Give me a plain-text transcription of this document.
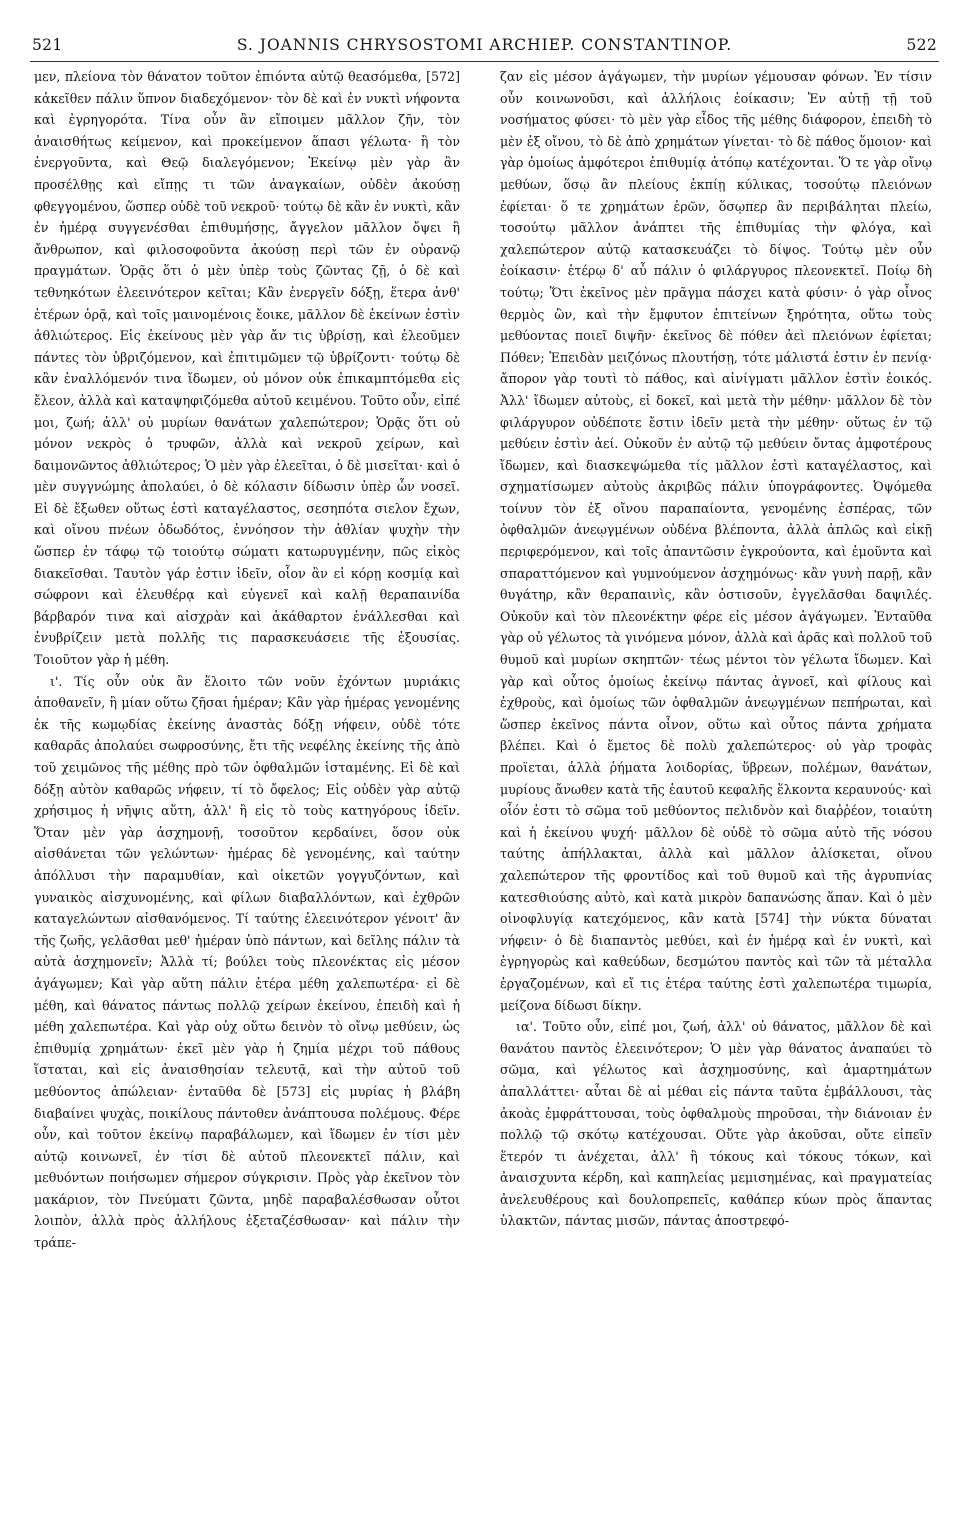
521	S. JOANNIS CHRYSOSTOMI ARCHIEP. CONSTANTINOP.	522

μεν, πλείονα τὸν θάνατον τοῦτον ἐπιόντα αὐτῷ θεασόμεθα, [572] κἀκεῖθεν πάλιν ὕπνον διαδεχόμενον· τὸν δὲ καὶ ἐν νυκτὶ νήφοντα καὶ ἐγρηγορότα. Τίνα οὖν ἂν εἴποιμεν μᾶλλον ζῆν, τὸν ἀναισθήτως κείμενον, καὶ προκείμενον ἅπασι γέλωτα· ἢ τὸν ἐνεργοῦντα, καὶ Θεῷ διαλεγόμενον; Ἐκείνῳ μὲν γὰρ ἂν προσέλθῃς καὶ εἴπῃς τι τῶν ἀναγκαίων, οὐδὲν ἀκούσῃ φθεγγομένου, ὥσπερ οὐδὲ τοῦ νεκροῦ· τούτῳ δὲ κἂν ἐν νυκτὶ, κἂν ἐν ἡμέρᾳ συγγενέσθαι ἐπιθυμήσῃς, ἄγγελον μᾶλλον ὄψει ἢ ἄνθρωπον, καὶ φιλοσοφοῦντα ἀκούσῃ περὶ τῶν ἐν οὐρανῷ πραγμάτων. Ὁρᾷς ὅτι ὁ μὲν ὑπὲρ τοὺς ζῶντας ζῇ, ὁ δὲ καὶ τεθνηκότων ἐλεεινότερον κεῖται; Κἂν ἐνεργεῖν δόξῃ, ἕτερα ἀνθ' ἑτέρων ὁρᾷ, καὶ τοῖς μαινομένοις ἔοικε, μᾶλλον δὲ ἐκείνων ἐστὶν ἀθλιώτερος. Εἰς ἐκείνους μὲν γὰρ ἄν τις ὑβρίσῃ, καὶ ἐλεοῦμεν πάντες τὸν ὑβριζόμενον, καὶ ἐπιτιμῶμεν τῷ ὑβρίζοντι· τούτῳ δὲ κἂν ἐναλλόμενόν τινα ἴδωμεν, οὐ μόνον οὐκ ἐπικαμπτόμεθα εἰς ἔλεον, ἀλλὰ καὶ καταψηφιζόμεθα αὐτοῦ κειμένου. Τοῦτο οὖν, εἰπέ μοι, ζωή; ἀλλ' οὐ μυρίων θανάτων χαλεπώτερον; Ὁρᾷς ὅτι οὐ μόνον νεκρὸς ὁ τρυφῶν, ἀλλὰ καὶ νεκροῦ χείρων, καὶ δαιμονῶντος ἀθλιώτερος; Ὁ μὲν γὰρ ἐλεεῖται, ὁ δὲ μισεῖται· καὶ ὁ μὲν συγγνώμης ἀπολαύει, ὁ δὲ κόλασιν δίδωσιν ὑπὲρ ὧν νοσεῖ. Εἰ δὲ ἔξωθεν οὕτως ἐστὶ καταγέλαστος, σεσηπότα σιελον ἔχων, καὶ οἴνου πνέων ὀδωδότος, ἐννόησον τὴν ἀθλίαν ψυχὴν τὴν ὥσπερ ἐν τάφῳ τῷ τοιούτῳ σώματι κατωρυγμένην, πῶς εἰκὸς διακεῖσθαι. Ταυτὸν γάρ ἐστιν ἰδεῖν, οἷον ἂν εἰ κόρῃ κοσμίᾳ καὶ σώφρονι καὶ ἐλευθέρᾳ καὶ εὐγενεῖ καὶ καλῇ θεραπαινίδα βάρβαρόν τινα καὶ αἰσχρὰν καὶ ἀκάθαρτον ἐνάλλεσθαι καὶ ἐνυβρίζειν μετὰ πολλῆς τις παρασκευάσειε τῆς ἐξουσίας. Τοιοῦτον γὰρ ἡ μέθη.

ι'. Τίς οὖν οὐκ ἂν ἕλοιτο τῶν νοῦν ἐχόντων μυριάκις ἀποθανεῖν, ἢ μίαν οὕτω ζῆσαι ἡμέραν; Κἂν γὰρ ἡμέρας γενομένης ἐκ τῆς κωμῳδίας ἐκείνης ἀναστὰς δόξῃ νήφειν, οὐδὲ τότε καθαρᾶς ἀπολαύει σωφροσύνης, ἔτι τῆς νεφέλης ἐκείνης τῆς ἀπὸ τοῦ χειμῶνος τῆς μέθης πρὸ τῶν ὀφθαλμῶν ἱσταμένης. Εἰ δὲ καὶ δόξῃ αὐτὸν καθαρῶς νήφειν, τί τὸ ὄφελος; Εἰς οὐδὲν γὰρ αὐτῷ χρήσιμος ἡ νῆψις αὕτη, ἀλλ' ἢ εἰς τὸ τοὺς κατηγόρους ἰδεῖν. Ὅταν μὲν γὰρ ἀσχημονῇ, τοσοῦτον κερδαίνει, ὅσον οὐκ αἰσθάνεται τῶν γελώντων· ἡμέρας δὲ γενομένης, καὶ ταύτην ἀπόλλυσι τὴν παραμυθίαν, καὶ οἰκετῶν γογγυζόντων, καὶ γυναικὸς αἰσχυνομένης, καὶ φίλων διαβαλλόντων, καὶ ἐχθρῶν καταγελώντων αἰσθανόμενος. Τί ταύτης ἐλεεινότερον γένοιτ' ἂν τῆς ζωῆς, γελᾶσθαι μεθ' ἡμέραν ὑπὸ πάντων, καὶ δεῖλης πάλιν τὰ αὐτὰ ἀσχημονεῖν; Ἀλλὰ τί; βούλει τοὺς πλεονέκτας εἰς μέσον ἀγάγωμεν; Καὶ γὰρ αὕτη πάλιν ἑτέρα μέθη χαλεπωτέρα· εἰ δὲ μέθη, καὶ θάνατος πάντως πολλῷ χείρων ἐκείνου, ἐπειδὴ καὶ ἡ μέθη χαλεπωτέρα. Καὶ γὰρ οὐχ οὕτω δεινὸν τὸ οἴνῳ μεθύειν, ὡς ἐπιθυμίᾳ χρημάτων· ἐκεῖ μὲν γὰρ ἡ ζημία μέχρι τοῦ πάθους ἵσταται, καὶ εἰς ἀναισθησίαν τελευτᾷ, καὶ τὴν αὐτοῦ τοῦ μεθύοντος ἀπώλειαν· ἐνταῦθα δὲ [573] εἰς μυρίας ἡ βλάβη διαβαίνει ψυχὰς, ποικίλους πάντοθεν ἀνάπτουσα πολέμους. Φέρε οὖν, καὶ τοῦτον ἐκείνῳ παραβάλωμεν, καὶ ἴδωμεν ἐν τίσι μὲν αὐτῷ κοινωνεῖ, ἐν τίσι δὲ αὐτοῦ πλεονεκτεῖ πάλιν, καὶ μεθυόντων ποιήσωμεν σήμερον σύγκρισιν. Πρὸς γὰρ ἐκεῖνον τὸν μακάριον, τὸν Πνεύματι ζῶντα, μηδὲ παραβαλέσθωσαν οὗτοι λοιπὸν, ἀλλὰ πρὸς ἀλλήλους ἐξεταζέσθωσαν· καὶ πάλιν τὴν τράπε-

ζαν εἰς μέσον ἀγάγωμεν, τὴν μυρίων γέμουσαν φόνων. Ἐν τίσιν οὖν κοινωνοῦσι, καὶ ἀλλήλοις ἐοίκασιν; Ἐν αὐτῇ τῇ τοῦ νοσήματος φύσει· τὸ μὲν γὰρ εἶδος τῆς μέθης διάφορον, ἐπειδὴ τὸ μὲν ἐξ οἴνου, τὸ δὲ ἀπὸ χρημάτων γίνεται· τὸ δὲ πάθος ὅμοιον· καὶ γὰρ ὁμοίως ἀμφότεροι ἐπιθυμίᾳ ἀτόπῳ κατέχονται. Ὅ τε γὰρ οἴνῳ μεθύων, ὅσῳ ἂν πλείους ἐκπίῃ κύλικας, τοσούτῳ πλειόνων ἐφίεται· ὅ τε χρημάτων ἐρῶν, ὅσῳπερ ἂν περιβάληται πλείω, τοσούτῳ μᾶλλον ἀνάπτει τῆς ἐπιθυμίας τὴν φλόγα, καὶ χαλεπώτερον αὐτῷ κατασκευάζει τὸ δίψος. Τούτῳ μὲν οὖν ἐοίκασιν· ἑτέρῳ δ' αὖ πάλιν ὁ φιλάργυρος πλεονεκτεῖ. Ποίῳ δὴ τούτῳ; Ὅτι ἐκεῖνος μὲν πρᾶγμα πάσχει κατὰ φύσιν· ὁ γὰρ οἶνος θερμὸς ὢν, καὶ τὴν ἔμφυτον ἐπιτείνων ξηρότητα, οὕτω τοὺς μεθύοντας ποιεῖ διψῆν· ἐκεῖνος δὲ πόθεν ἀεὶ πλειόνων ἐφίεται; Πόθεν; Ἐπειδὰν μειζόνως πλουτήσῃ, τότε μάλιστά ἐστιν ἐν πενίᾳ· ἄπορον γὰρ τουτὶ τὸ πάθος, καὶ αἰνίγματι μᾶλλον ἐστὶν ἐοικός. Ἀλλ' ἴδωμεν αὐτοὺς, εἰ δοκεῖ, καὶ μετὰ τὴν μέθην· μᾶλλον δὲ τὸν φιλάργυρον οὐδέποτε ἔστιν ἰδεῖν μετὰ τὴν μέθην· οὕτως ἐν τῷ μεθύειν ἐστὶν ἀεί. Οὐκοῦν ἐν αὐτῷ τῷ μεθύειν ὄντας ἀμφοτέρους ἴδωμεν, καὶ διασκεψώμεθα τίς μᾶλλον ἐστὶ καταγέλαστος, καὶ σχηματίσωμεν αὐτοὺς ἀκριβῶς πάλιν ὑπογράφοντες. Ὀψόμεθα τοίνυν τὸν ἐξ οἴνου παραπαίοντα, γενομένης ἑσπέρας, τῶν ὀφθαλμῶν ἀνεῳγμένων οὐδένα βλέποντα, ἀλλὰ ἁπλῶς καὶ εἰκῇ περιφερόμενον, καὶ τοῖς ἀπαντῶσιν ἐγκρούοντα, καὶ ἐμοῦντα καὶ σπαραττόμενον καὶ γυμνούμενον ἀσχημόνως· κἂν γυνὴ παρῇ, κἂν θυγάτηρ, κἂν θεραπαινὶς, κἂν ὁστισοῦν, ἐγγελᾶσθαι δαψιλές. Οὐκοῦν καὶ τὸν πλεονέκτην φέρε εἰς μέσον ἀγάγωμεν. Ἐνταῦθα γὰρ οὐ γέλωτος τὰ γινόμενα μόνον, ἀλλὰ καὶ ἀρᾶς καὶ πολλοῦ τοῦ θυμοῦ καὶ μυρίων σκηπτῶν· τέως μέντοι τὸν γέλωτα ἴδωμεν. Καὶ γὰρ καὶ οὗτος ὁμοίως ἐκείνῳ πάντας ἀγνοεῖ, καὶ φίλους καὶ ἐχθροὺς, καὶ ὁμοίως τῶν ὀφθαλμῶν ἀνεῳγμένων πεπήρωται, καὶ ὥσπερ ἐκεῖνος πάντα οἶνον, οὕτω καὶ οὗτος πάντα χρήματα βλέπει. Καὶ ὁ ἔμετος δὲ πολὺ χαλεπώτερος· οὐ γὰρ τροφὰς προϊεται, ἀλλὰ ῥήματα λοιδορίας, ὕβρεων, πολέμων, θανάτων, μυρίους ἄνωθεν κατὰ τῆς ἑαυτοῦ κεφαλῆς ἕλκοντα κεραυνούς· καὶ οἷόν ἐστι τὸ σῶμα τοῦ μεθύοντος πελιδνὸν καὶ διαῤῥέον, τοιαύτη καὶ ἡ ἐκείνου ψυχή· μᾶλλον δὲ οὐδὲ τὸ σῶμα αὐτὸ τῆς νόσου ταύτης ἀπήλλακται, ἀλλὰ καὶ μᾶλλον ἁλίσκεται, οἴνου χαλεπώτερον τῆς φροντίδος καὶ τοῦ θυμοῦ καὶ τῆς ἀγρυπνίας κατεσθιούσης αὐτὸ, καὶ κατὰ μικρὸν δαπανώσης ἅπαν. Καὶ ὁ μὲν οἰνοφλυγίᾳ κατεχόμενος, κἂν κατὰ [574] τὴν νύκτα δύναται νήφειν· ὁ δὲ διαπαντὸς μεθύει, καὶ ἐν ἡμέρᾳ καὶ ἐν νυκτὶ, καὶ ἐγρηγορὼς καὶ καθεύδων, δεσμώτου παντὸς καὶ τῶν τὰ μέταλλα ἐργαζομένων, καὶ εἴ τις ἑτέρα ταύτης ἐστὶ χαλεπωτέρα τιμωρία, μείζονα δίδωσι δίκην.

ια'. Τοῦτο οὖν, εἰπέ μοι, ζωή, ἀλλ' οὐ θάνατος, μᾶλλον δὲ καὶ θανάτου παντὸς ἐλεεινότερον; Ὁ μὲν γὰρ θάνατος ἀναπαύει τὸ σῶμα, καὶ γέλωτος καὶ ἀσχημοσύνης, καὶ ἁμαρτημάτων ἀπαλλάττει· αὗται δὲ αἱ μέθαι εἰς πάντα ταῦτα ἐμβάλλουσι, τὰς ἀκοὰς ἐμφράττουσαι, τοὺς ὀφθαλμοὺς πηροῦσαι, τὴν διάνοιαν ἐν πολλῷ τῷ σκότῳ κατέχουσαι. Οὔτε γὰρ ἀκοῦσαι, οὔτε εἰπεῖν ἕτερόν τι ἀνέχεται, ἀλλ' ἢ τόκους καὶ τόκους τόκων, καὶ ἀναισχυντα κέρδη, καὶ καπηλείας μεμισημένας, καὶ πραγματείας ἀνελευθέρους καὶ δουλοπρεπεῖς, καθάπερ κύων πρὸς ἅπαντας ὑλακτῶν, πάντας μισῶν, πάντας ἀποστρεφό-
